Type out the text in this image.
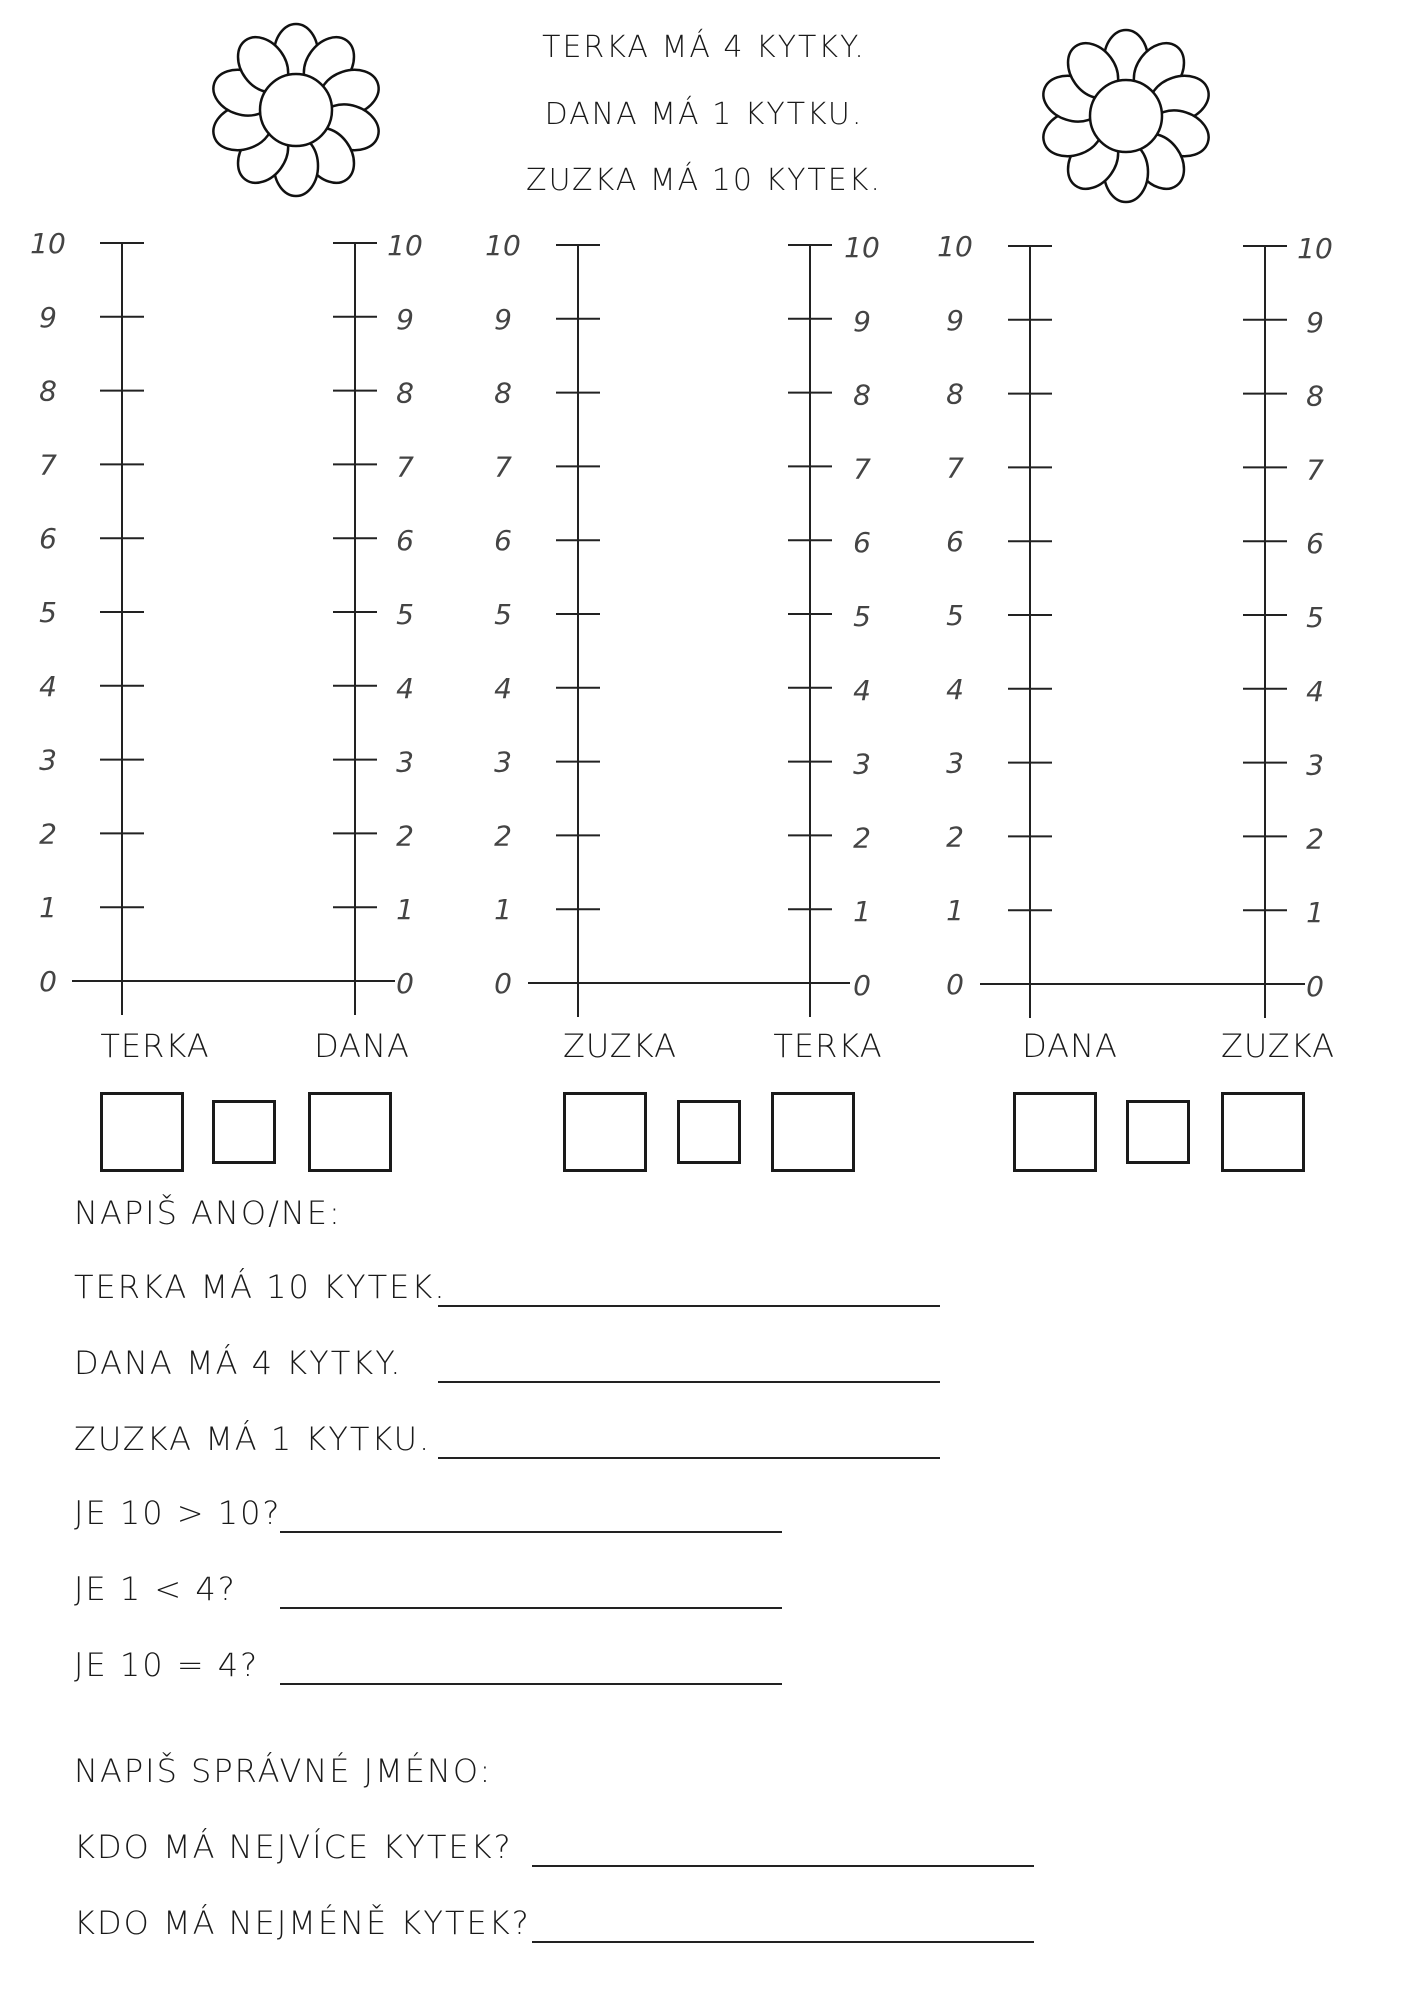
TERKA MÁ 4 KYTKY.
DANA MÁ 1 KYTKU.
ZUZKA MÁ 10 KYTEK.
0	0
1	1
2	2
3	3
4	4
5	5
6	6
7	7
8	8
9	9
10	10
0	0
1	1
2	2
3	3
4	4
5	5
6	6
7	7
8	8
9	9
10	10
0	0
1	1
2	2
3	3
4	4
5	5
6	6
7	7
8	8
9	9
10	10
TERKA	DANA	ZUZKA	TERKA	DANA	ZUZKA
NAPIŠ ANO/NE:
TERKA MÁ 10 KYTEK.
DANA MÁ 4 KYTKY.
ZUZKA MÁ 1 KYTKU.
JE 10 > 10?
JE 1 < 4?
JE 10 = 4?
NAPIŠ SPRÁVNÉ JMÉNO:
KDO MÁ NEJVÍCE KYTEK?
KDO MÁ NEJMÉNĚ KYTEK?
